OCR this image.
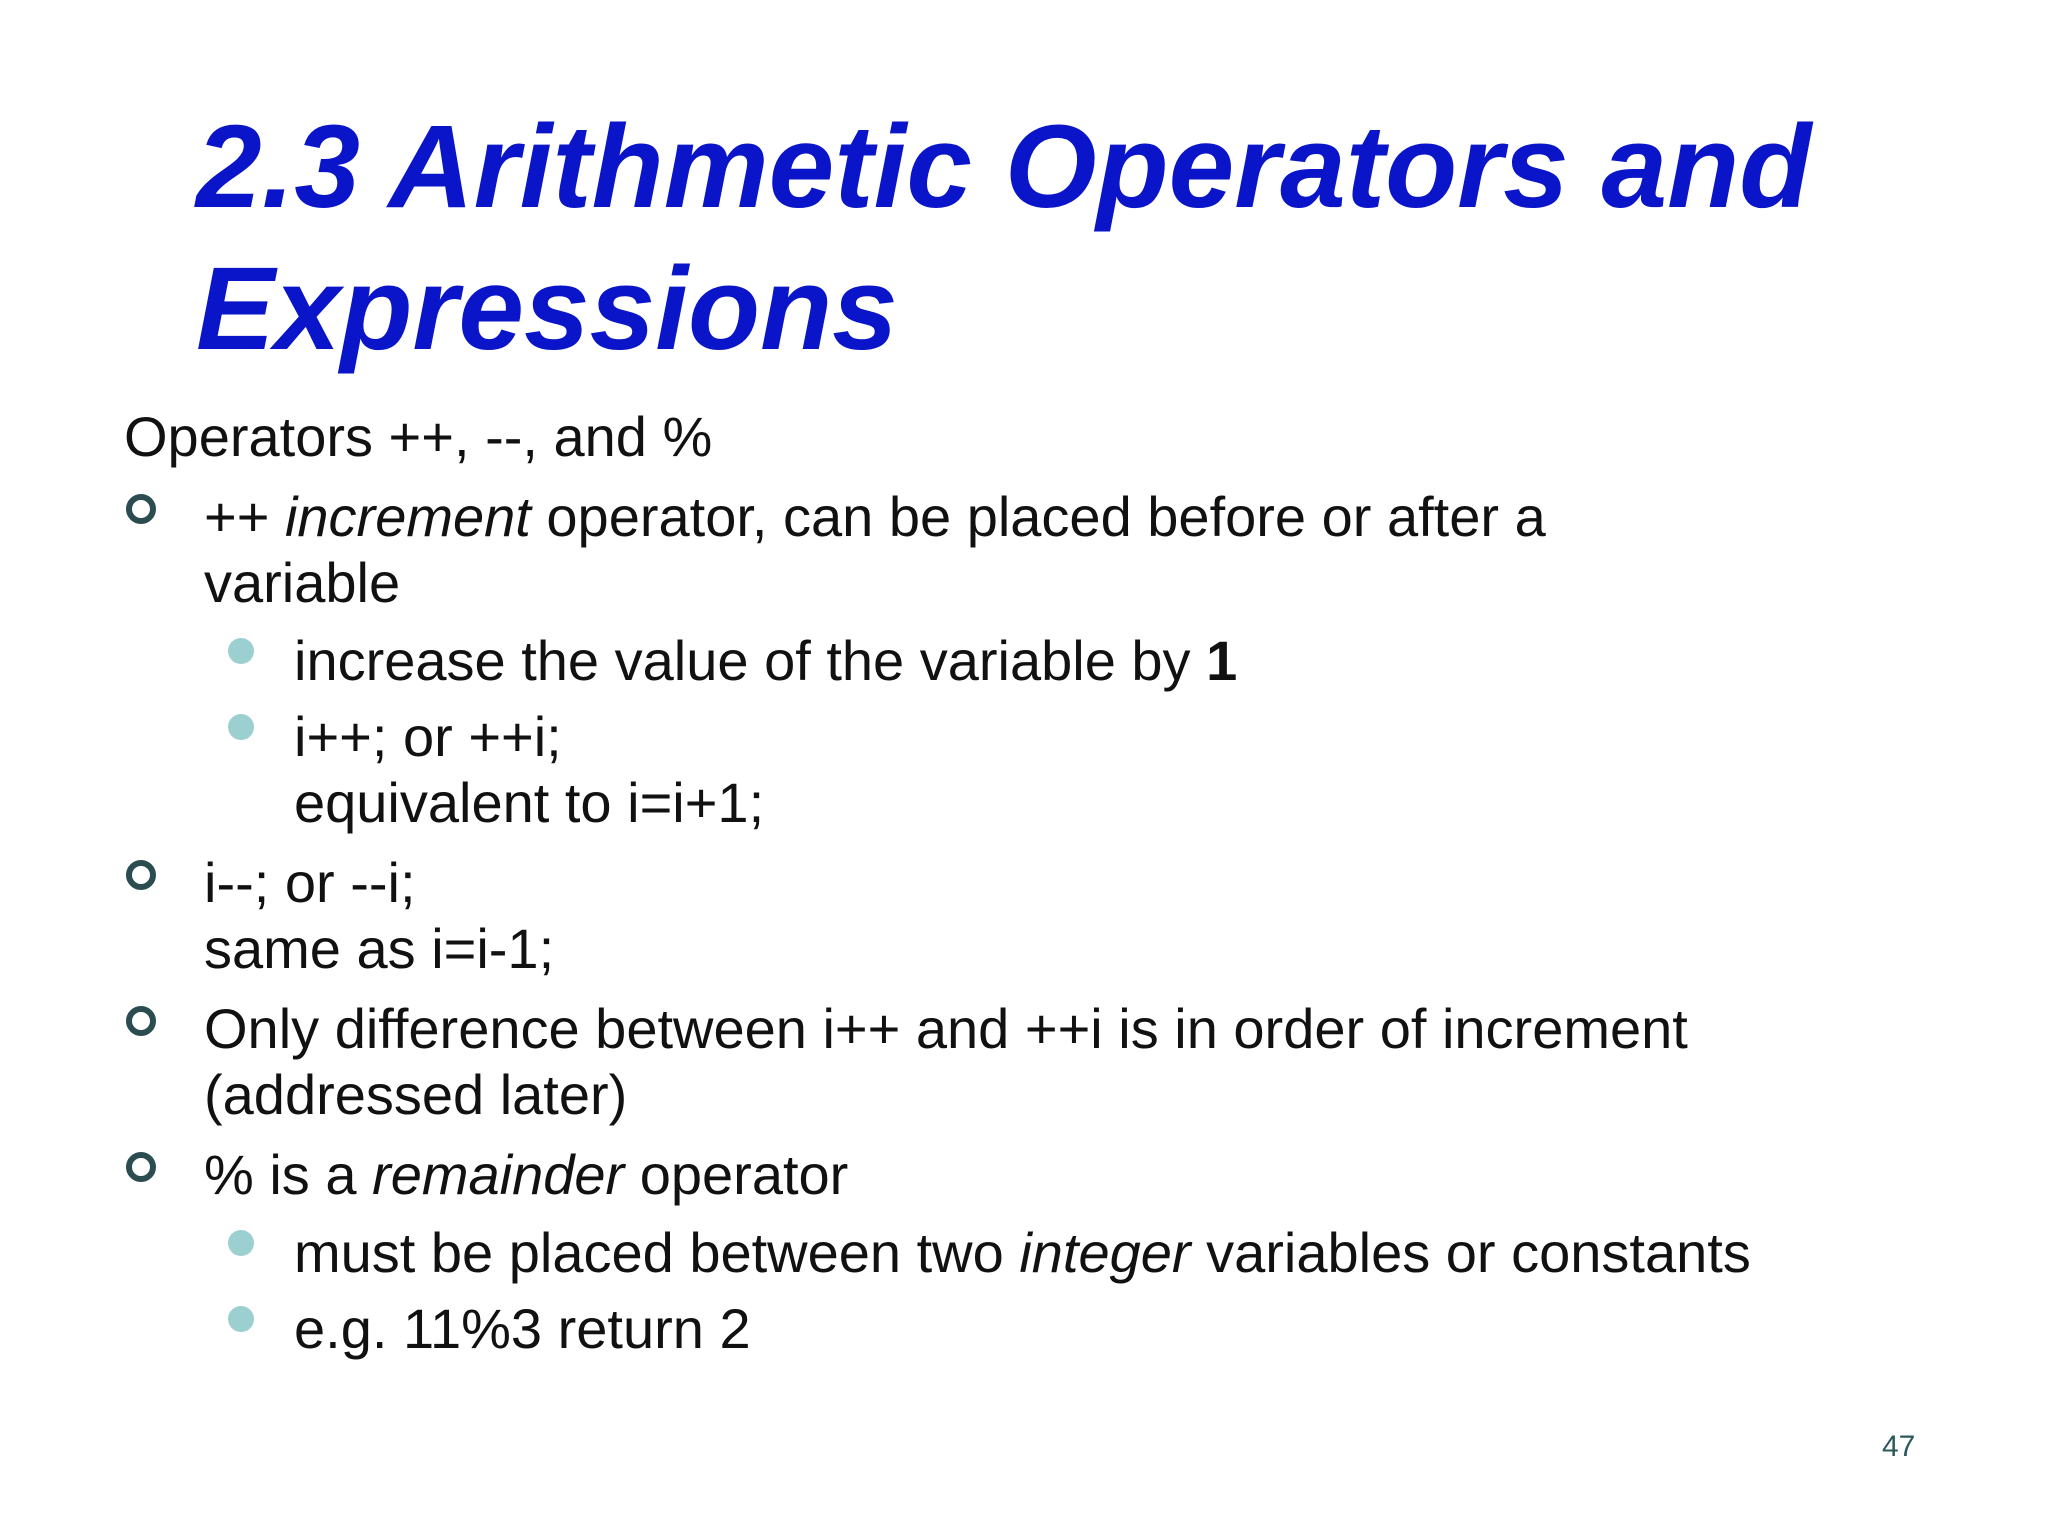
2.3 Arithmetic Operators and
Expressions
Operators ++, --, and %
++ increment operator, can be placed before or after a
variable
increase the value of the variable by 1
i++; or ++i;
equivalent to i=i+1;
i--; or --i;
same as i=i-1;
Only difference between i++ and ++i is in order of increment
(addressed later)
% is a remainder operator
must be placed between two integer variables or constants
e.g. 11%3 return 2
47
